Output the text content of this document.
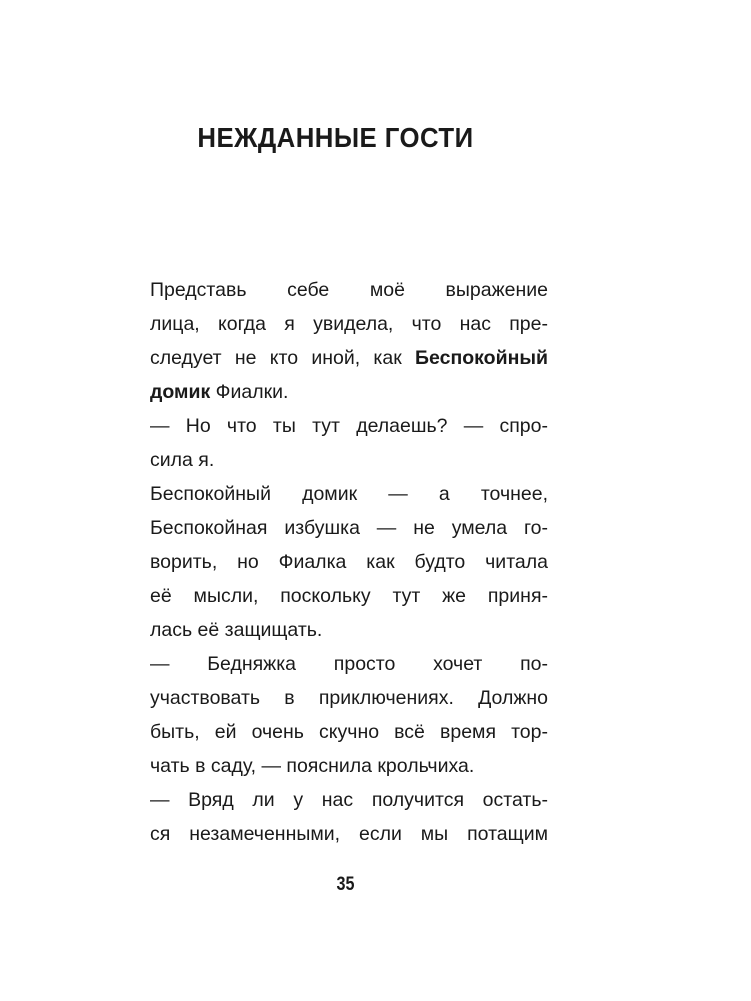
НЕЖДАННЫЕ ГОСТИ
Представь себе моё выражение
лица, когда я увидела, что нас пре-
следует не кто иной, как Беспокойный
домик Фиалки.
— Но что ты тут делаешь? — спро-
сила я.
Беспокойный домик — а точнее,
Беспокойная избушка — не умела го-
ворить, но Фиалка как будто читала
её мысли, поскольку тут же приня-
лась её защищать.
— Бедняжка просто хочет по-
участвовать в приключениях. Должно
быть, ей очень скучно всё время тор-
чать в саду, — пояснила крольчиха.
— Вряд ли у нас получится остать-
ся незамеченными, если мы потащим
35
